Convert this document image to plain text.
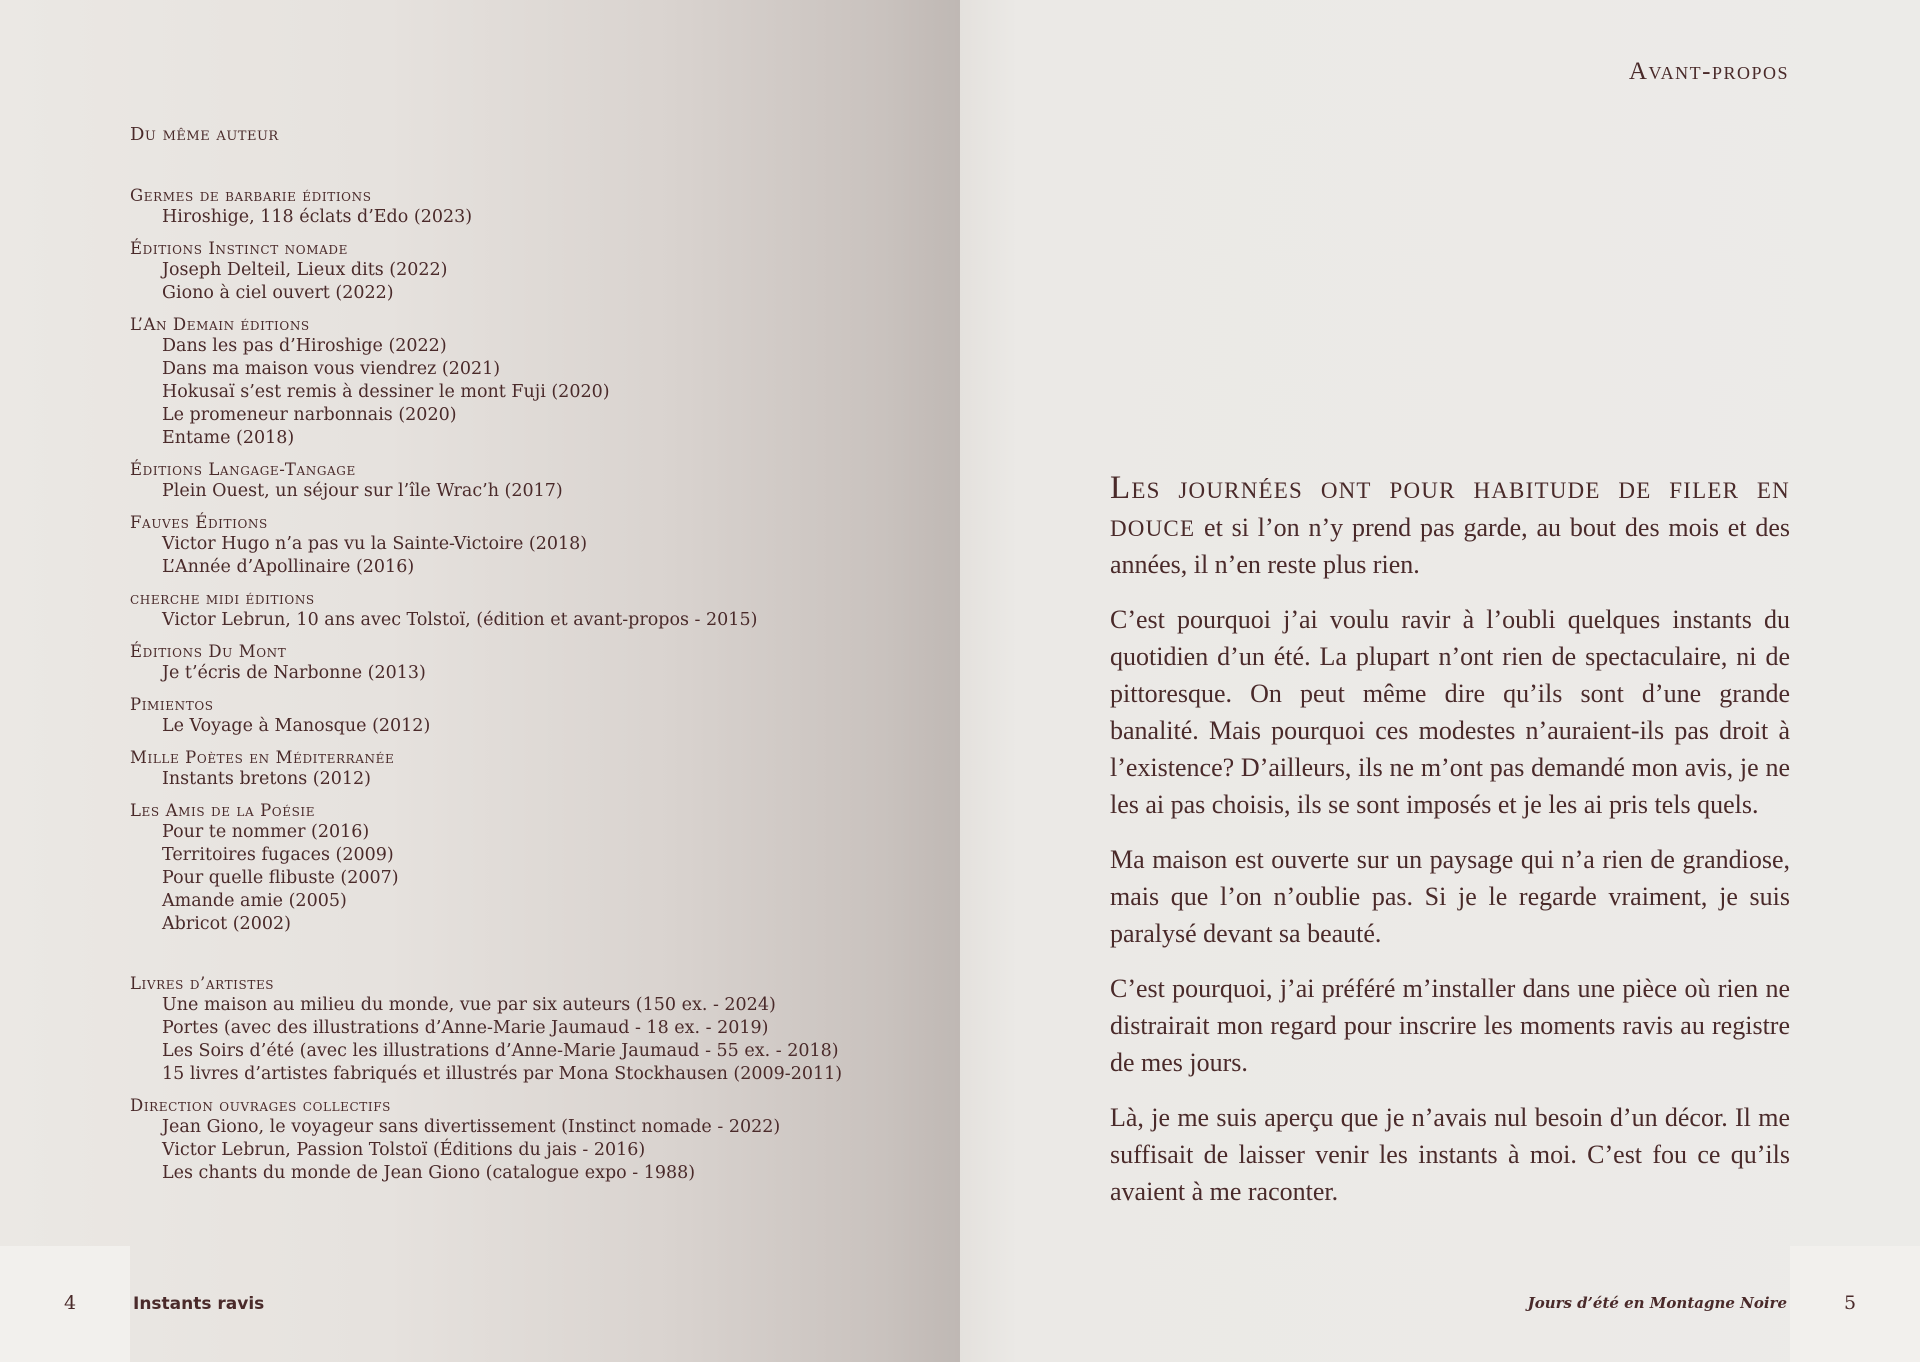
Du même auteur
Germes de barbarie éditions
Hiroshige, 118 éclats d’Edo (2023)
Éditions Instinct nomade
Joseph Delteil, Lieux dits (2022)
Giono à ciel ouvert (2022)
L’An Demain éditions
Dans les pas d’Hiroshige (2022)
Dans ma maison vous viendrez (2021)
Hokusaï s’est remis à dessiner le mont Fuji (2020)
Le promeneur narbonnais (2020)
Entame (2018)
Éditions Langage-Tangage
Plein Ouest, un séjour sur l’île Wrac’h (2017)
Fauves Éditions
Victor Hugo n’a pas vu la Sainte-Victoire (2018)
L’Année d’Apollinaire (2016)
cherche midi éditions
Victor Lebrun, 10 ans avec Tolstoï, (édition et avant-propos - 2015)
Éditions Du Mont
Je t’écris de Narbonne (2013)
Pimientos
Le Voyage à Manosque (2012)
Mille Poètes en Méditerranée
Instants bretons (2012)
Les Amis de la Poésie
Pour te nommer (2016)
Territoires fugaces (2009)
Pour quelle flibuste (2007)
Amande amie (2005)
Abricot (2002)
Livres d’artistes
Une maison au milieu du monde, vue par six auteurs (150 ex. - 2024)
Portes (avec des illustrations d’Anne-Marie Jaumaud - 18 ex. - 2019)
Les Soirs d’été (avec les illustrations d’Anne-Marie Jaumaud - 55 ex. - 2018)
15 livres d’artistes fabriqués et illustrés par Mona Stockhausen (2009-2011)
Direction ouvrages collectifs
Jean Giono, le voyageur sans divertissement (Instinct nomade - 2022)
Victor Lebrun, Passion Tolstoï (Éditions du jais - 2016)
Les chants du monde de Jean Giono (catalogue expo - 1988)
4	Instants ravis
Avant-propos

Les journées ont pour habitude de filer en douce et si l’on n’y prend pas garde, au bout des mois et des années, il n’en reste plus rien.

C’est pourquoi j’ai voulu ravir à l’oubli quelques instants du quotidien d’un été. La plupart n’ont rien de spectaculaire, ni de pittoresque. On peut même dire qu’ils sont d’une grande banalité. Mais pourquoi ces modestes n’auraient-ils pas droit à l’existence? D’ailleurs, ils ne m’ont pas demandé mon avis, je ne les ai pas choisis, ils se sont imposés et je les ai pris tels quels.

Ma maison est ouverte sur un paysage qui n’a rien de grandiose, mais que l’on n’oublie pas. Si je le regarde vraiment, je suis paralysé devant sa beauté.

C’est pourquoi, j’ai préféré m’installer dans une pièce où rien ne distrairait mon regard pour inscrire les moments ravis au registre de mes jours.

Là, je me suis aperçu que je n’avais nul besoin d’un décor. Il me suffisait de laisser venir les instants à moi. C’est fou ce qu’ils avaient à me raconter.

Jours d’été en Montagne Noire	5
